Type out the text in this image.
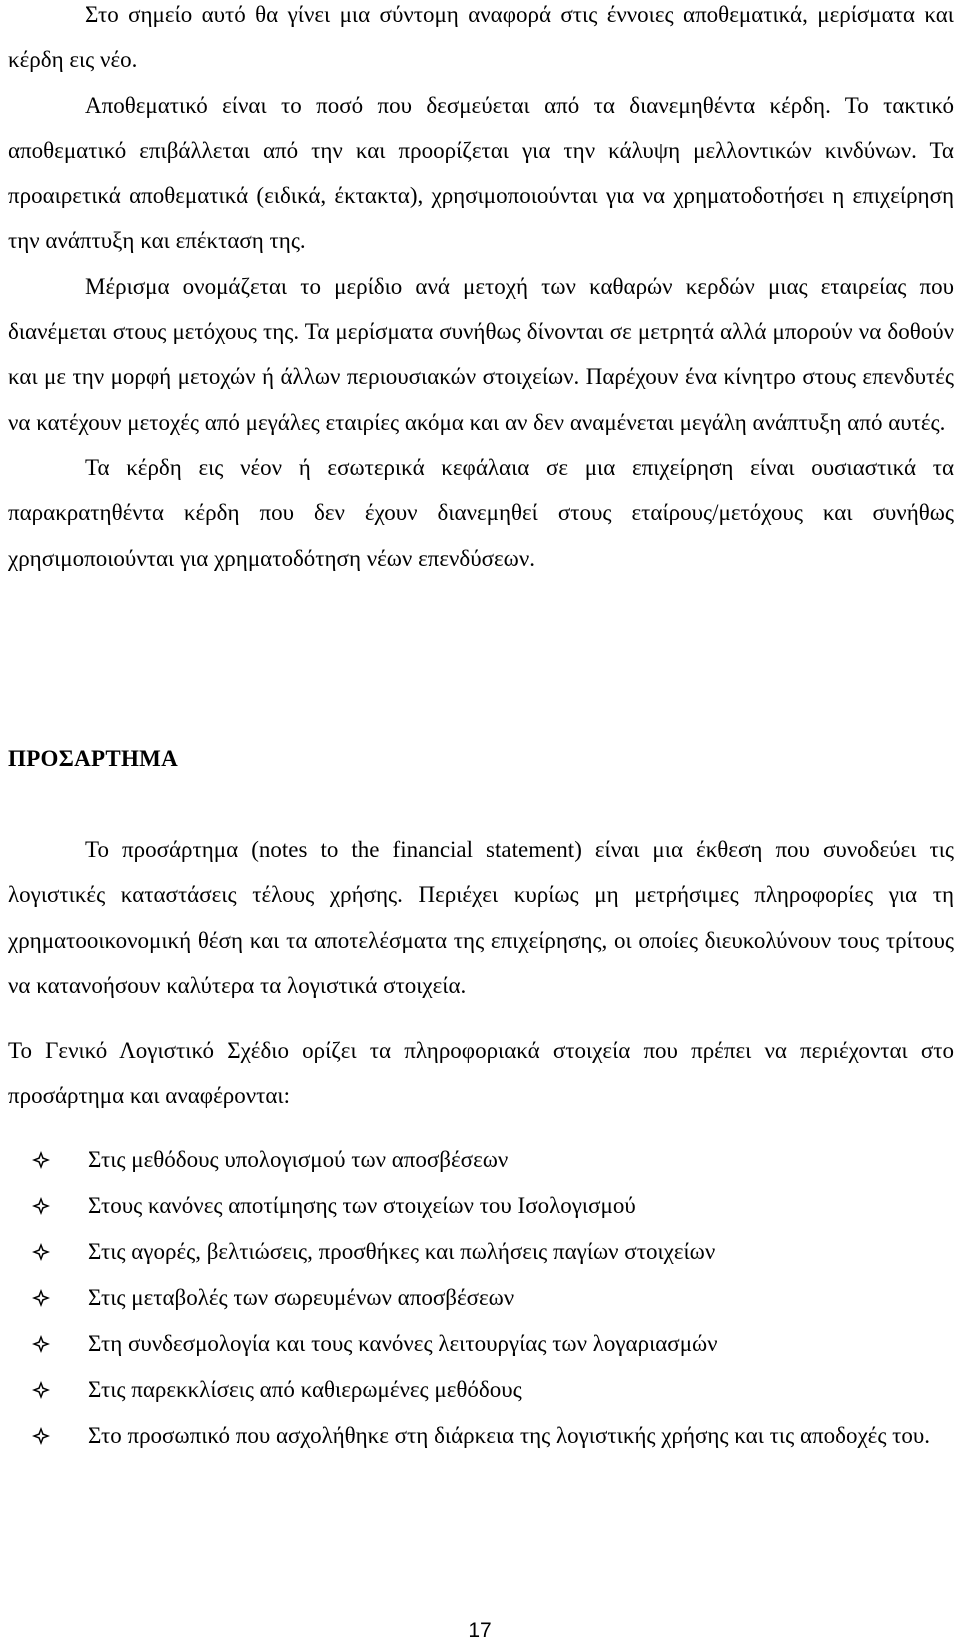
Στο σημείο αυτό θα γίνει μια σύντομη αναφορά στις έννοιες αποθεματικά, μερίσματα και κέρδη εις νέο.

Αποθεματικό είναι το ποσό που δεσμεύεται από τα διανεμηθέντα κέρδη. Το τακτικό αποθεματικό επιβάλλεται από την και προορίζεται για την κάλυψη μελλοντικών κινδύνων. Τα προαιρετικά αποθεματικά (ειδικά, έκτακτα), χρησιμοποιούνται για να χρηματοδοτήσει η επιχείρηση την ανάπτυξη και επέκταση της.

Μέρισμα ονομάζεται το μερίδιο ανά μετοχή των καθαρών κερδών μιας εταιρείας που διανέμεται στους μετόχους της. Τα μερίσματα συνήθως δίνονται σε μετρητά αλλά μπορούν να δοθούν και με την μορφή μετοχών ή άλλων περιουσιακών στοιχείων. Παρέχουν ένα κίνητρο στους επενδυτές να κατέχουν μετοχές από μεγάλες εταιρίες ακόμα και αν δεν αναμένεται μεγάλη ανάπτυξη από αυτές.

Τα κέρδη εις νέον ή εσωτερικά κεφάλαια σε μια επιχείρηση είναι ουσιαστικά τα παρακρατηθέντα κέρδη που δεν έχουν διανεμηθεί στους εταίρους/μετόχους και συνήθως χρησιμοποιούνται για χρηματοδότηση νέων επενδύσεων.

ΠΡΟΣΑΡΤΗΜΑ

Το προσάρτημα (notes to the financial statement) είναι μια έκθεση που συνοδεύει τις λογιστικές καταστάσεις τέλους χρήσης. Περιέχει κυρίως μη μετρήσιμες πληροφορίες για τη χρηματοοικονομική θέση και τα αποτελέσματα της επιχείρησης, οι οποίες διευκολύνουν τους τρίτους να κατανοήσουν καλύτερα τα λογιστικά στοιχεία.

Το Γενικό Λογιστικό Σχέδιο ορίζει τα πληροφοριακά στοιχεία που πρέπει να περιέχονται στο προσάρτημα και αναφέρονται:

Στις μεθόδους υπολογισμού των αποσβέσεων
Στους κανόνες αποτίμησης των στοιχείων του Ισολογισμού
Στις αγορές, βελτιώσεις, προσθήκες και πωλήσεις παγίων στοιχείων
Στις μεταβολές των σωρευμένων αποσβέσεων
Στη συνδεσμολογία και τους κανόνες λειτουργίας των λογαριασμών
Στις παρεκκλίσεις από καθιερωμένες μεθόδους
Στο προσωπικό που ασχολήθηκε στη διάρκεια της λογιστικής χρήσης και τις αποδοχές του.
17
